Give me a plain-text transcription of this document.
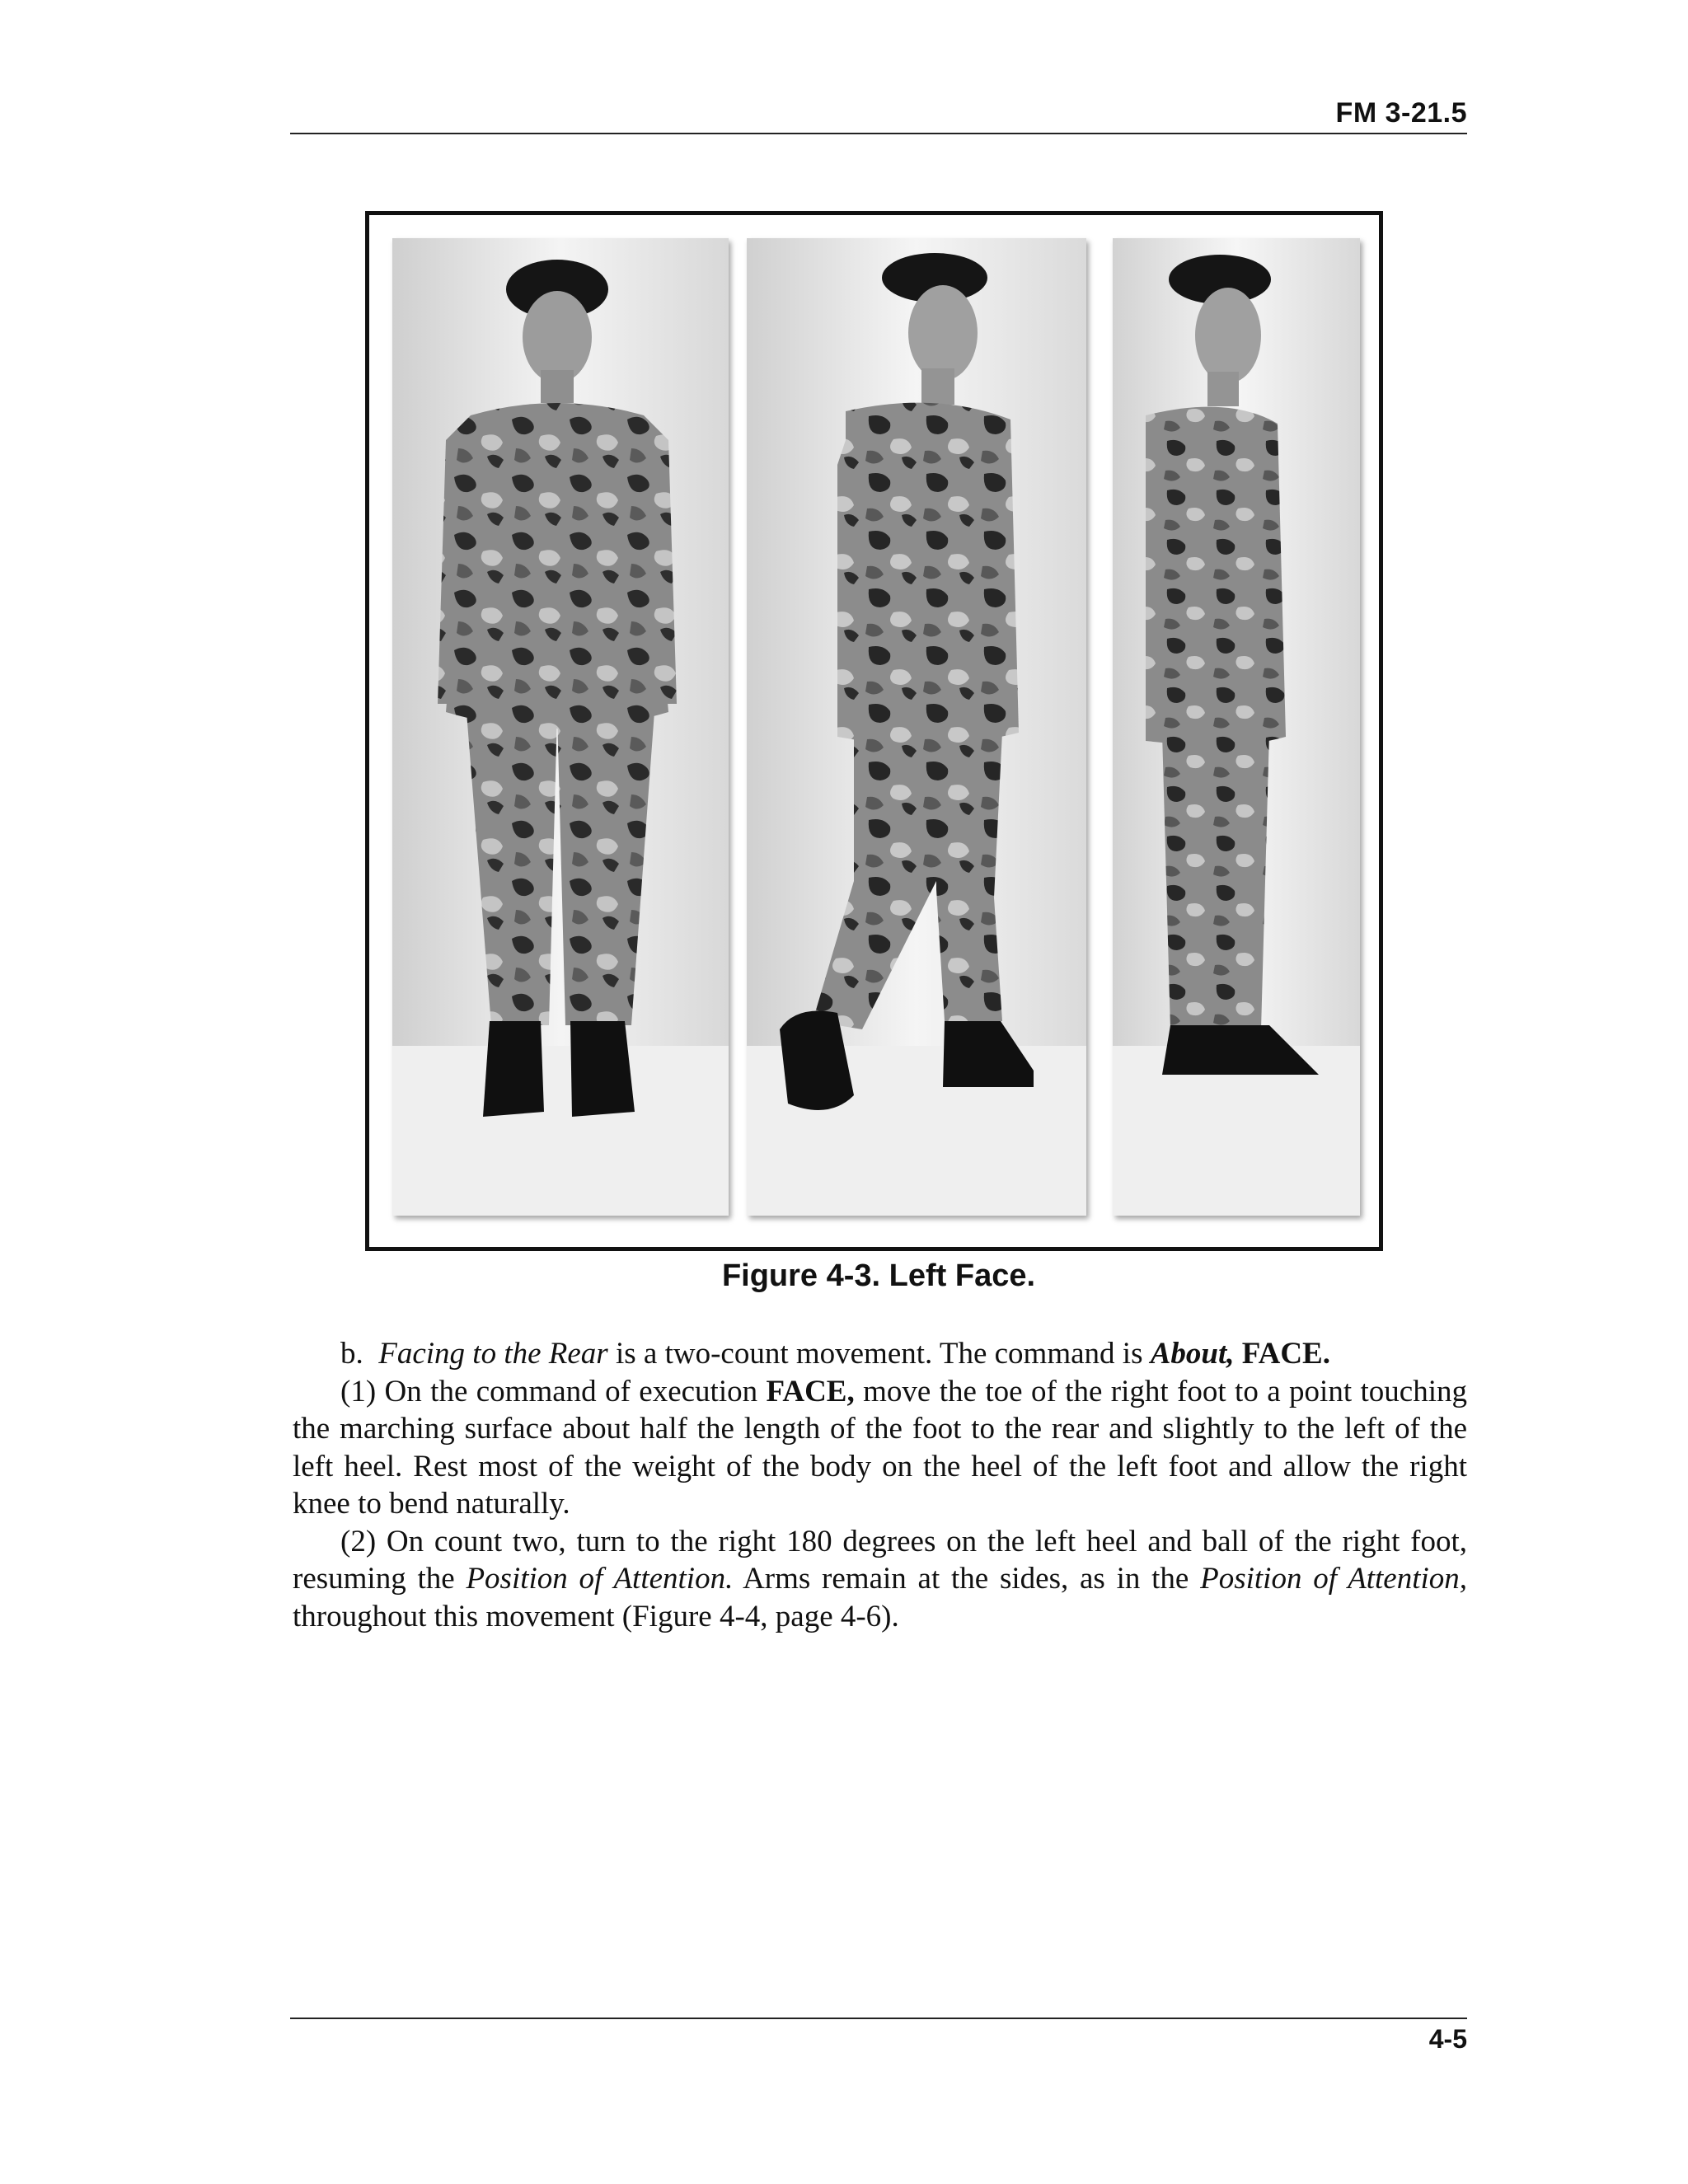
FM 3-21.5
Figure 4-3. Left Face.

b. Facing to the Rear is a two-count movement. The command is About, FACE.

(1) On the command of execution FACE, move the toe of the right foot to a point touching the marching surface about half the length of the foot to the rear and slightly to the left of the left heel. Rest most of the weight of the body on the heel of the left foot and allow the right knee to bend naturally.

(2) On count two, turn to the right 180 degrees on the left heel and ball of the right foot, resuming the Position of Attention. Arms remain at the sides, as in the Position of Attention, throughout this movement (Figure 4-4, page 4-6).

4-5
